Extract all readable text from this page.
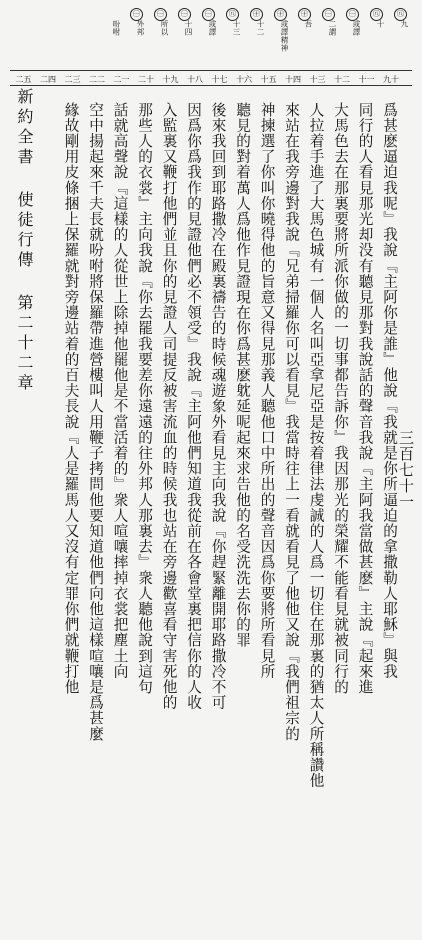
㊇
九
㊇
十
㊀
或譯
㊀
二謂
㊉
吾
㊉
或譯精神
㊉
十二
㊇
十三
㊀
或譯
㊀
十四
㊀
所以
㊀
外邦
吩咐
九十
十一
十二
十三
十四
十五
十六
十七
十八
十九
二十
二一
二二
二三
二四
二五
新約全書 使徒行傳 第二十二章	爲甚麽逼迫我呢』我說『主阿你是誰』他說『我就是你所逼迫的拿撒勒人耶穌』與我
同行的人看見那光却没有聽見那對我說話的聲音我說『主阿我當做甚麽』主說『起來進
大馬色去在那裏要將所派你做的一切事都告訴你』我因那光的榮耀不能看見就被同行的
人拉着手進了大馬色城有一個人名叫亞拿尼亞是按着律法虔誠的人爲一切住在那裏的猶太人所稱讚他
來站在我旁邊對我說『兄弟掃羅你可以看見』我當時往上一看就看見了他他又說『我們祖宗的
神揀選了你叫你曉得他的旨意又得見那義人聽他口中所出的聲音因爲你要將所看見所
聽見的對着萬人爲他作見證現在你爲甚麽躭延呢起來求告他的名受洗洗去你的罪
後來我回到耶路撒冷在殿裏禱告的時候魂遊象外看見主向我說『你趕緊離開耶路撒冷不可
因爲你爲我作的見證他們必不領受』我說『主阿他們知道我從前在各會堂裏把信你的人收
入監裏又鞭打他們並且你的見證人司提反被害流血的時候我也站在旁邊歡喜看守害死他的
那些人的衣裳』主向我說『你去罷我要差你遠遠的往外邦人那裏去』衆人聽他說到這句
話就高聲說『這樣的人從世上除掉他罷他是不當活着的』衆人喧嚷摔掉衣裳把塵土向
空中揚起來千夫長就吩咐將保羅帶進營樓叫人用鞭子拷問他要知道他們向他這樣喧嚷是爲甚麼
緣故剛用皮條捆上保羅就對旁邊站着的百夫長說『人是羅馬人又沒有定罪你們就鞭打他	三百七十一
